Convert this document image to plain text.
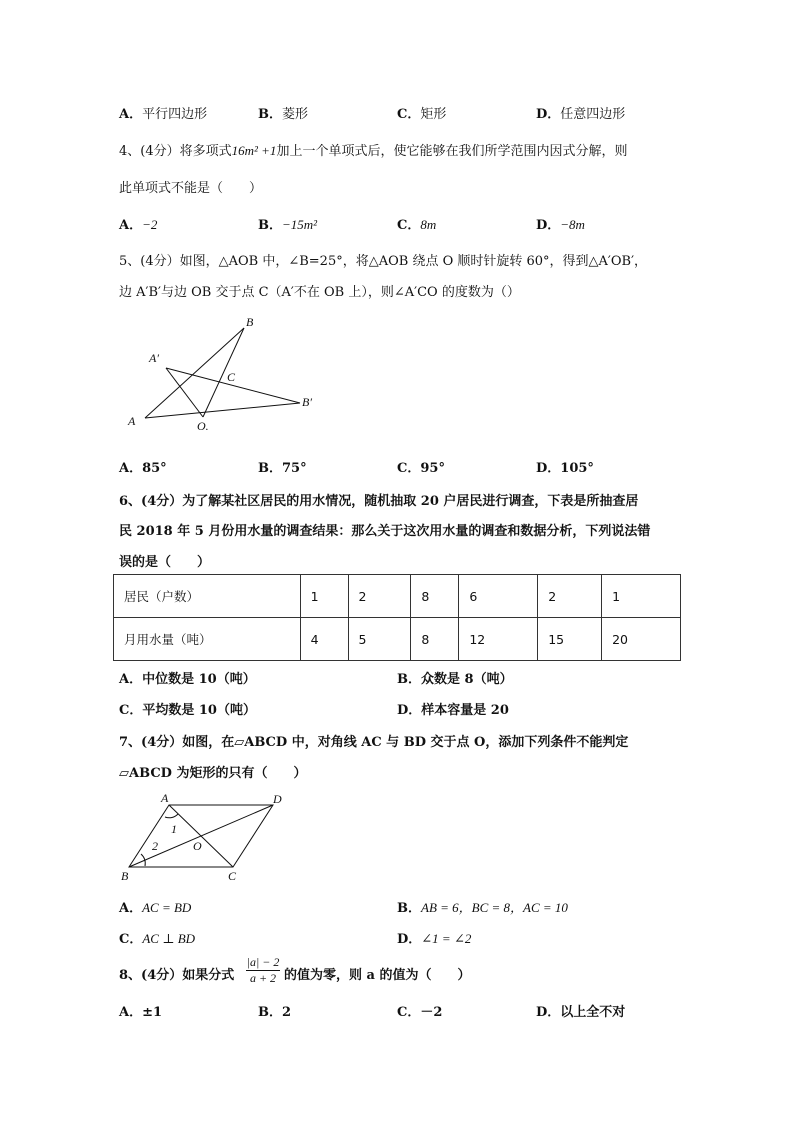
A．平行四边形	B．菱形	C．矩形	D．任意四边形
4、(4分）将多项式16m² +1加上一个单项式后，使它能够在我们所学范围内因式分解，则
此单项式不能是（　　）
A．−2	B．−15m²	C．8m	D．−8m
5、(4分）如图，△AOB 中，∠B=25°，将△AOB 绕点 O 顺时针旋转 60°，得到△A′OB′，
边 A′B′与边 OB 交于点 C（A′不在 OB 上），则∠A′CO 的度数为（）
B
A′
C
B′
A	O.
A．85°	B．75°	C．95°	D．105°
6、(4分）为了解某社区居民的用水情况，随机抽取 20 户居民进行调查，下表是所抽查居
民 2018 年 5 月份用水量的调查结果：那么关于这次用水量的调查和数据分析，下列说法错
误的是（　　）
居民（户数）	1	2	8	6	2	1
月用水量（吨）	4	5	8	12	15	20
A．中位数是 10（吨）	B．众数是 8（吨）
C．平均数是 10（吨）	D．样本容量是 20
7、(4分）如图，在▱ABCD 中，对角线 AC 与 BD 交于点 O，添加下列条件不能判定
▱ABCD 为矩形的只有（　　）
A	D
B	C
O
1
2
A．AC = BD	B．AB = 6，BC = 8，AC = 10
C．AC ⊥ BD	D．∠1 = ∠2
8、(4分）如果分式 $\frac{|a| - 2}{a + 2}$ 的值为零，则 a 的值为（　　）
A．±1	B．2	C．－2	D．以上全不对
